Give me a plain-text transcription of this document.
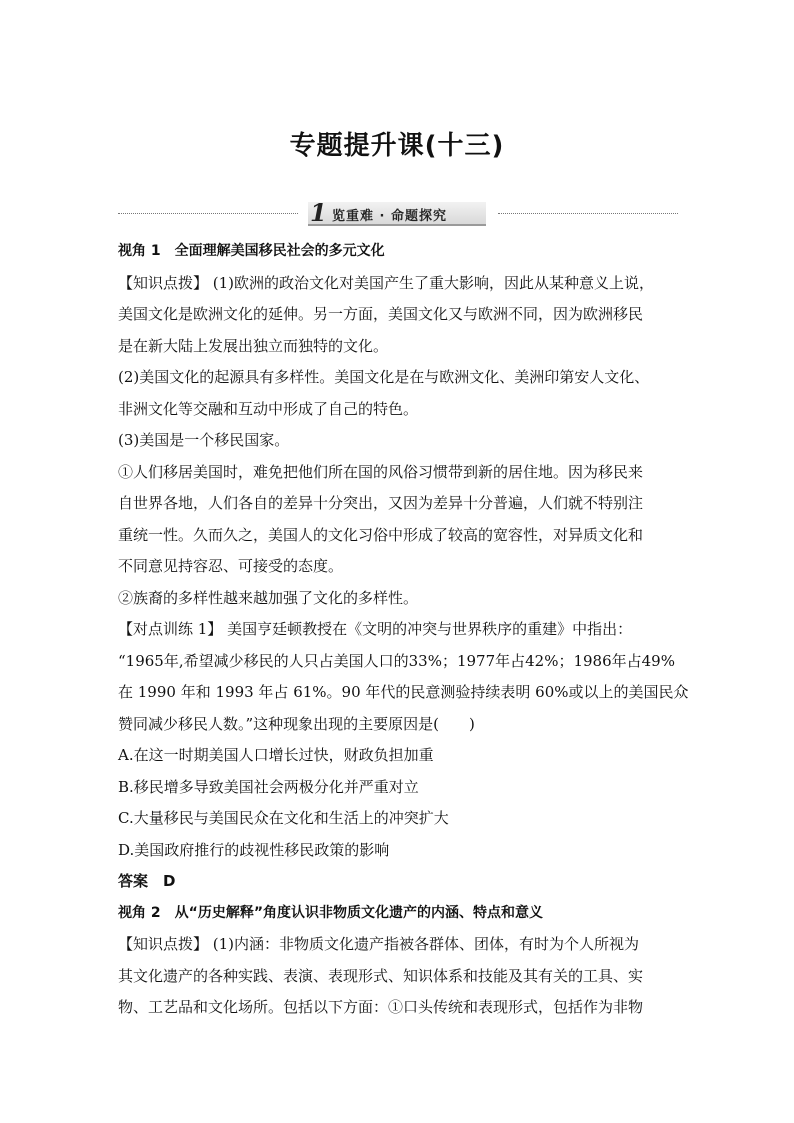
专题提升课(十三)
1 览重难 · 命题探究

视角 1　全面理解美国移民社会的多元文化

【知识点拨】 (1)欧洲的政治文化对美国产生了重大影响，因此从某种意义上说，

美国文化是欧洲文化的延伸。另一方面，美国文化又与欧洲不同，因为欧洲移民

是在新大陆上发展出独立而独特的文化。

(2)美国文化的起源具有多样性。美国文化是在与欧洲文化、美洲印第安人文化、

非洲文化等交融和互动中形成了自己的特色。

(3)美国是一个移民国家。

①人们移居美国时，难免把他们所在国的风俗习惯带到新的居住地。因为移民来

自世界各地，人们各自的差异十分突出，又因为差异十分普遍，人们就不特别注

重统一性。久而久之，美国人的文化习俗中形成了较高的宽容性，对异质文化和

不同意见持容忍、可接受的态度。

②族裔的多样性越来越加强了文化的多样性。

【对点训练 1】 美国亨廷顿教授在《文明的冲突与世界秩序的重建》中指出：

“1965年,希望减少移民的人只占美国人口的33%；1977年占42%；1986年占49%

在 1990 年和 1993 年占 61%。90 年代的民意测验持续表明 60%或以上的美国民众

赞同减少移民人数。”这种现象出现的主要原因是(　　)

A.在这一时期美国人口增长过快，财政负担加重

B.移民增多导致美国社会两极分化并严重对立

C.大量移民与美国民众在文化和生活上的冲突扩大

D.美国政府推行的歧视性移民政策的影响

答案　D

视角 2　从“历史解释”角度认识非物质文化遗产的内涵、特点和意义

【知识点拨】 (1)内涵：非物质文化遗产指被各群体、团体，有时为个人所视为

其文化遗产的各种实践、表演、表现形式、知识体系和技能及其有关的工具、实

物、工艺品和文化场所。包括以下方面：①口头传统和表现形式，包括作为非物
